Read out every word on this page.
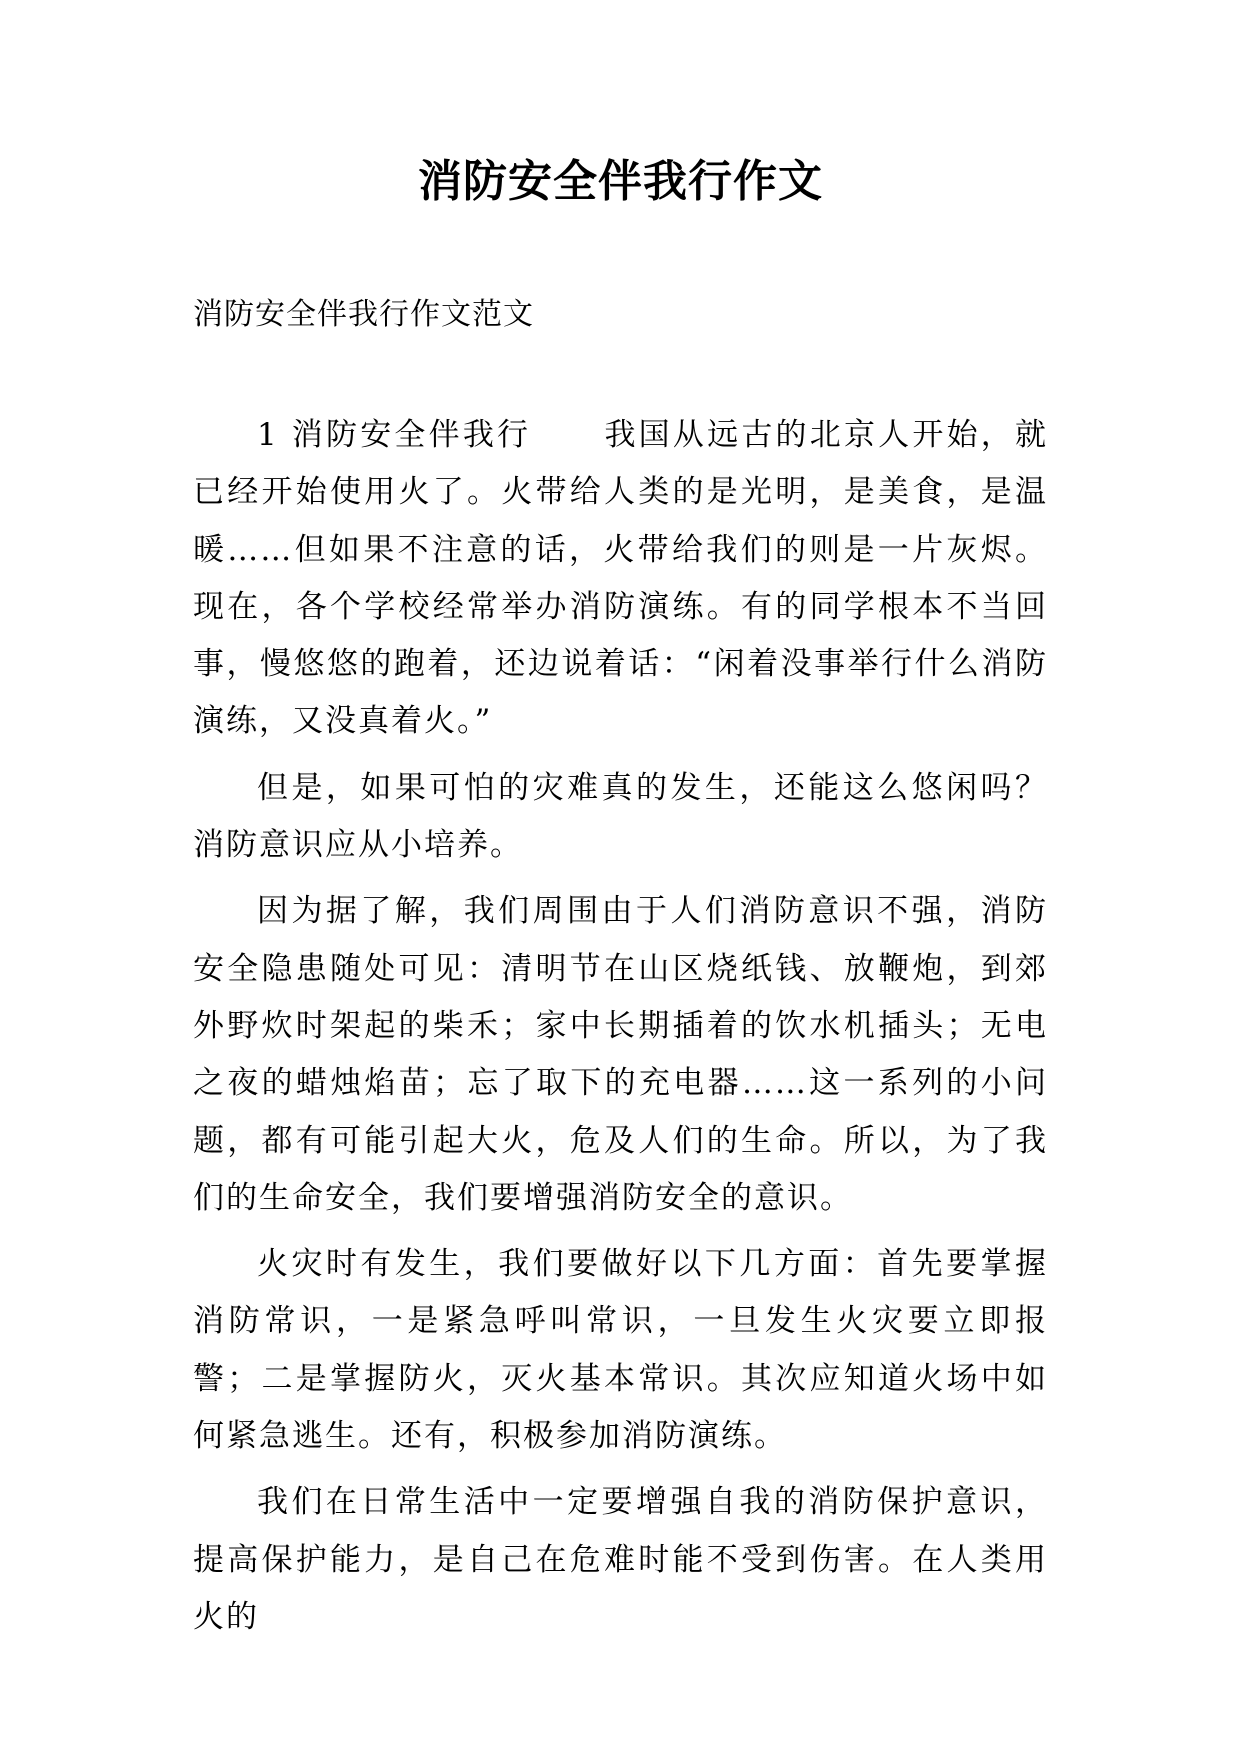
消防安全伴我行作文
消防安全伴我行作文范文

1 消防安全伴我行 我国从远古的北京人开始，就已经开始使用火了。火带给人类的是光明，是美食，是温暖……但如果不注意的话，火带给我们的则是一片灰烬。现在，各个学校经常举办消防演练。有的同学根本不当回事，慢悠悠的跑着，还边说着话：“闲着没事举行什么消防演练，又没真着火。”

但是，如果可怕的灾难真的发生，还能这么悠闲吗？消防意识应从小培养。

因为据了解，我们周围由于人们消防意识不强，消防安全隐患随处可见：清明节在山区烧纸钱、放鞭炮，到郊外野炊时架起的柴禾；家中长期插着的饮水机插头；无电之夜的蜡烛焰苗；忘了取下的充电器……这一系列的小问题，都有可能引起大火，危及人们的生命。所以，为了我们的生命安全，我们要增强消防安全的意识。

火灾时有发生，我们要做好以下几方面：首先要掌握消防常识，一是紧急呼叫常识，一旦发生火灾要立即报警；二是掌握防火，灭火基本常识。其次应知道火场中如何紧急逃生。还有，积极参加消防演练。

我们在日常生活中一定要增强自我的消防保护意识，提高保护能力，是自己在危难时能不受到伤害。在人类用火的
